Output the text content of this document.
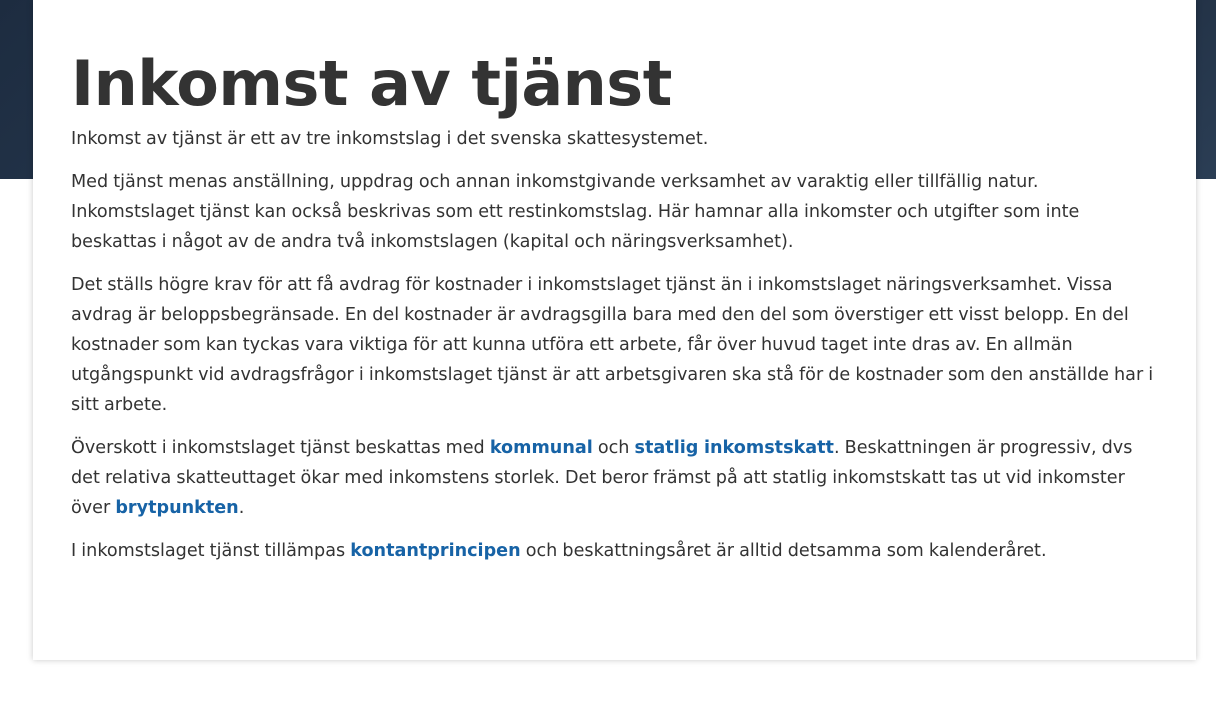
Inkomst av tjänst

Inkomst av tjänst är ett av tre inkomstslag i det svenska skattesystemet.

Med tjänst menas anställning, uppdrag och annan inkomstgivande verksamhet av varaktig eller tillfällig natur. Inkomstslaget tjänst kan också beskrivas som ett restinkomstslag. Här hamnar alla inkomster och utgifter som inte beskattas i något av de andra två inkomstslagen (kapital och näringsverksamhet).

Det ställs högre krav för att få avdrag för kostnader i inkomstslaget tjänst än i inkomstslaget näringsverksamhet. Vissa avdrag är beloppsbegränsade. En del kostnader är avdragsgilla bara med den del som överstiger ett visst belopp. En del kostnader som kan tyckas vara viktiga för att kunna utföra ett arbete, får över huvud taget inte dras av. En allmän utgångspunkt vid avdragsfrågor i inkomstslaget tjänst är att arbetsgivaren ska stå för de kostnader som den anställde har i sitt arbete.

Överskott i inkomstslaget tjänst beskattas med kommunal och statlig inkomstskatt. Beskattningen är progressiv, dvs det relativa skatteuttaget ökar med inkomstens storlek. Det beror främst på att statlig inkomstskatt tas ut vid inkomster över brytpunkten.

I inkomstslaget tjänst tillämpas kontantprincipen och beskattningsåret är alltid detsamma som kalenderåret.
